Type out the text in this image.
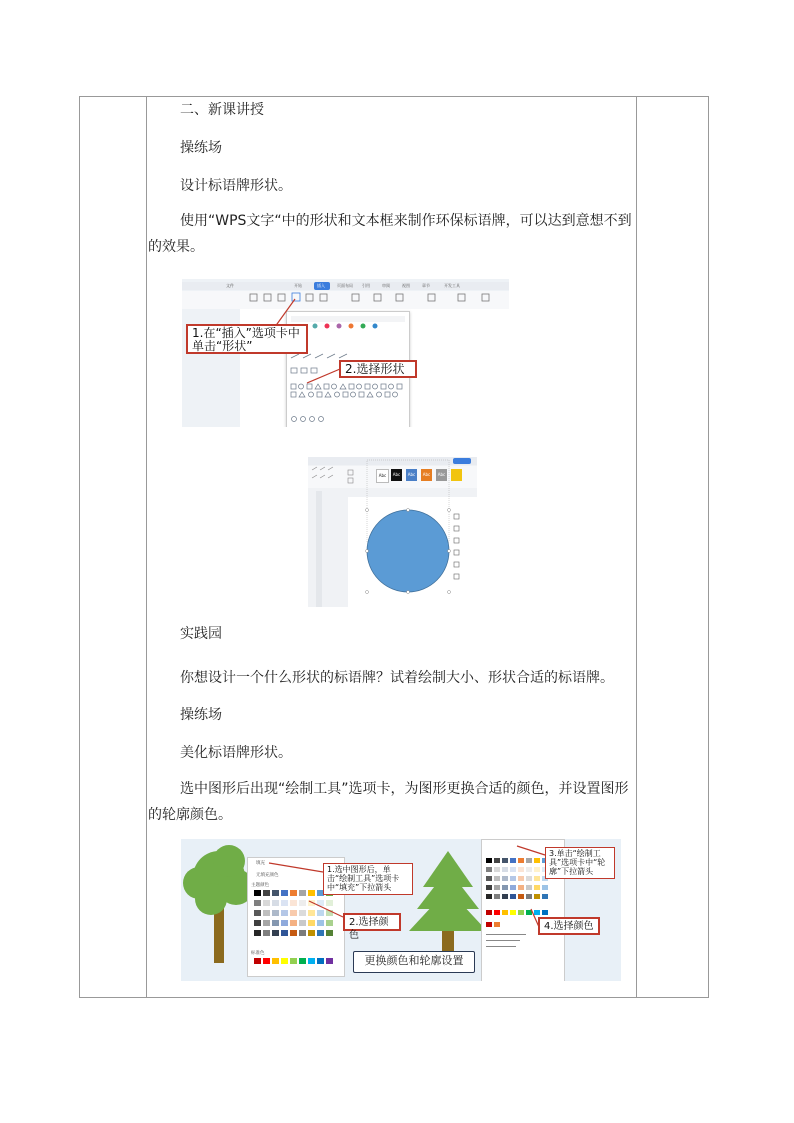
二、新课讲授
操练场
设计标语牌形状。
使用“WPS文字“中的形状和文本框来制作环保标语牌，可以达到意想不到的效果。
文件	开始	插入	页面布局 引用	审阅	视图	章节	开发工具
1.在“插入”选项卡中单击“形状”
2.选择形状
Abc	Abc	Abc	Abc	Abc
实践园
你想设计一个什么形状的标语牌？试着绘制大小、形状合适的标语牌。
操练场
美化标语牌形状。
选中图形后出现“绘制工具”选项卡，为图形更换合适的颜色，并设置图形的轮廓颜色。
填充
无填充颜色
主题颜色
标准色
1.选中图形后，单击“绘制工具”选项卡中“填充”下拉箭头
2.选择颜色
3.单击“绘制工具”选项卡中“轮廓”下拉箭头
4.选择颜色
更换颜色和轮廓设置
